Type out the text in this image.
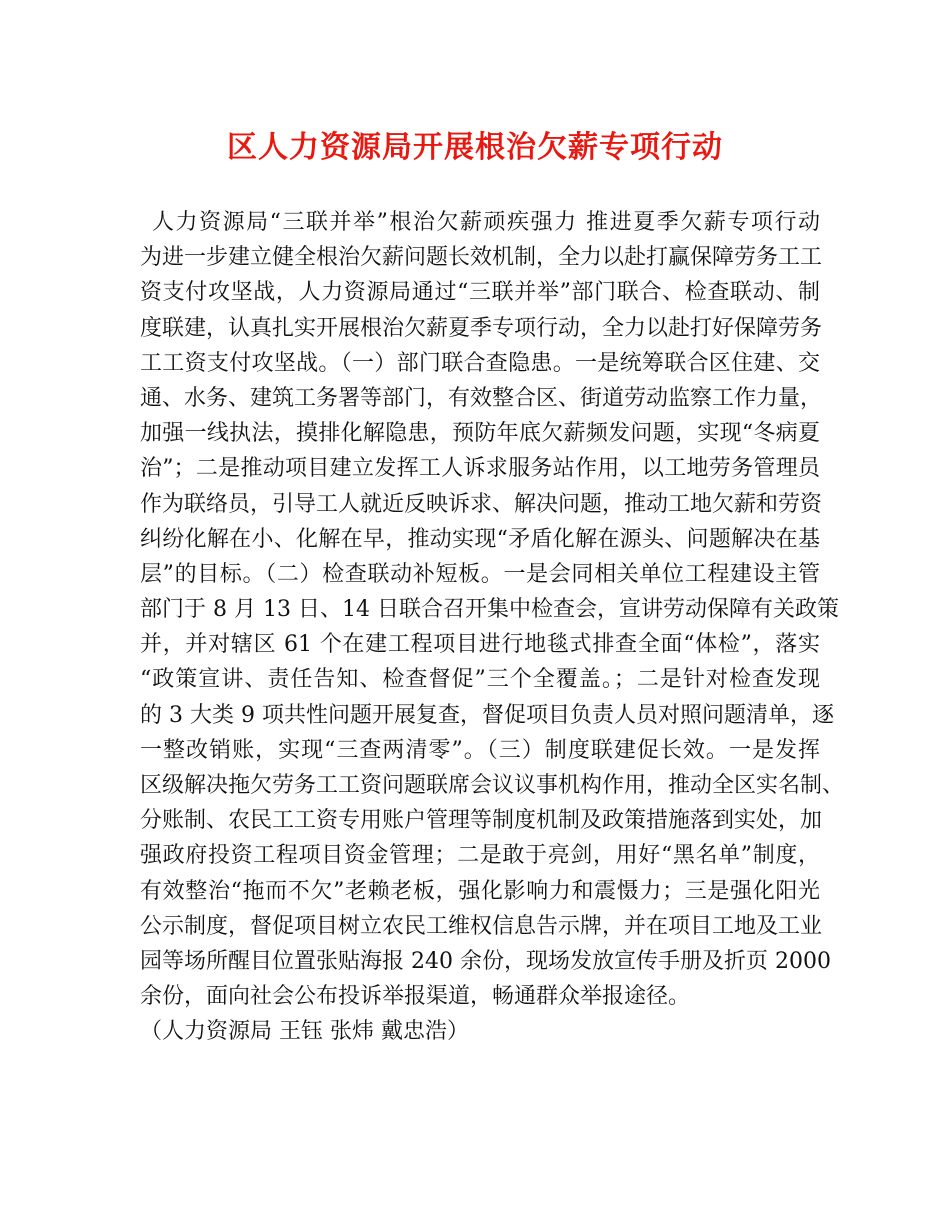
区人力资源局开展根治欠薪专项行动
人力资源局“三联并举”根治欠薪顽疾强力 推进夏季欠薪专项行动
为进一步建立健全根治欠薪问题长效机制，全力以赴打赢保障劳务工工
资支付攻坚战，人力资源局通过“三联并举”部门联合、检查联动、制
度联建，认真扎实开展根治欠薪夏季专项行动，全力以赴打好保障劳务
工工资支付攻坚战。（一）部门联合查隐患。一是统筹联合区住建、交
通、水务、建筑工务署等部门，有效整合区、街道劳动监察工作力量，
加强一线执法，摸排化解隐患，预防年底欠薪频发问题，实现“冬病夏
治”；二是推动项目建立发挥工人诉求服务站作用，以工地劳务管理员
作为联络员，引导工人就近反映诉求、解决问题，推动工地欠薪和劳资
纠纷化解在小、化解在早，推动实现“矛盾化解在源头、问题解决在基
层”的目标。（二）检查联动补短板。一是会同相关单位工程建设主管
部门于 8 月 13 日、14 日联合召开集中检查会，宣讲劳动保障有关政策
并，并对辖区 61 个在建工程项目进行地毯式排查全面“体检”，落实
“政策宣讲、责任告知、检查督促”三个全覆盖。；二是针对检查发现
的 3 大类 9 项共性问题开展复查，督促项目负责人员对照问题清单，逐
一整改销账，实现“三查两清零”。（三）制度联建促长效。一是发挥
区级解决拖欠劳务工工资问题联席会议议事机构作用，推动全区实名制、
分账制、农民工工资专用账户管理等制度机制及政策措施落到实处，加
强政府投资工程项目资金管理；二是敢于亮剑，用好“黑名单”制度，
有效整治“拖而不欠”老赖老板，强化影响力和震慑力；三是强化阳光
公示制度，督促项目树立农民工维权信息告示牌，并在项目工地及工业
园等场所醒目位置张贴海报 240 余份，现场发放宣传手册及折页 2000
余份，面向社会公布投诉举报渠道，畅通群众举报途径。
（人力资源局 王钰 张炜 戴忠浩）
